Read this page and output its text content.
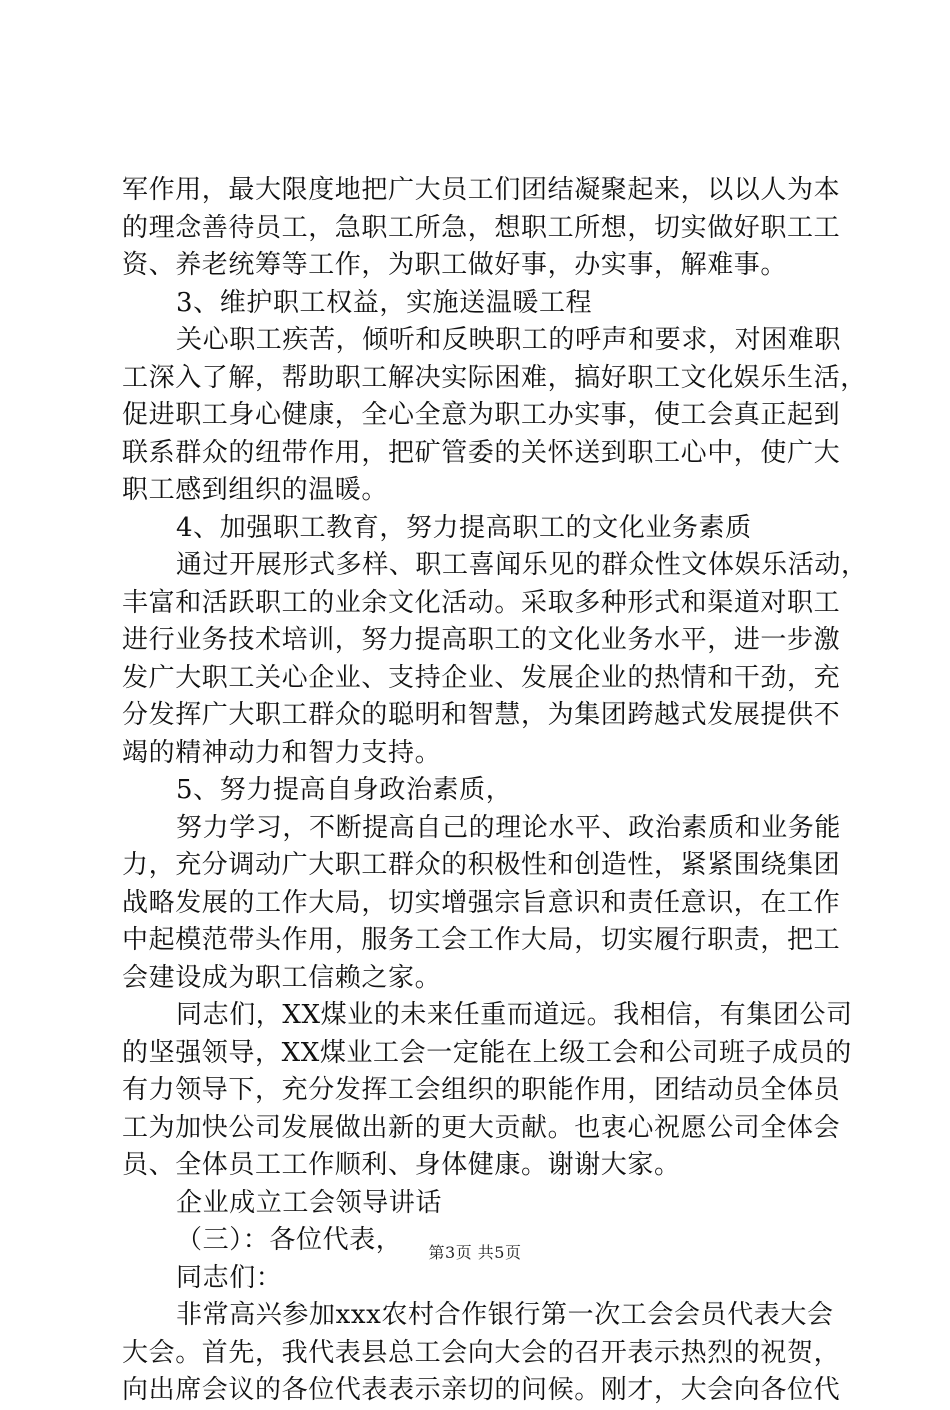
军作用，最大限度地把广大员工们团结凝聚起来，以以人为本
的理念善待员工，急职工所急，想职工所想，切实做好职工工
资、养老统筹等工作，为职工做好事，办实事，解难事。
3、维护职工权益，实施送温暖工程
关心职工疾苦，倾听和反映职工的呼声和要求，对困难职
工深入了解，帮助职工解决实际困难，搞好职工文化娱乐生活，
促进职工身心健康，全心全意为职工办实事，使工会真正起到
联系群众的纽带作用，把矿管委的关怀送到职工心中，使广大
职工感到组织的温暖。
4、加强职工教育，努力提高职工的文化业务素质
通过开展形式多样、职工喜闻乐见的群众性文体娱乐活动，
丰富和活跃职工的业余文化活动。采取多种形式和渠道对职工
进行业务技术培训，努力提高职工的文化业务水平，进一步激
发广大职工关心企业、支持企业、发展企业的热情和干劲，充
分发挥广大职工群众的聪明和智慧，为集团跨越式发展提供不
竭的精神动力和智力支持。
5、努力提高自身政治素质，
努力学习，不断提高自己的理论水平、政治素质和业务能
力，充分调动广大职工群众的积极性和创造性，紧紧围绕集团
战略发展的工作大局，切实增强宗旨意识和责任意识，在工作
中起模范带头作用，服务工会工作大局，切实履行职责，把工
会建设成为职工信赖之家。
同志们，XX煤业的未来任重而道远。我相信，有集团公司
的坚强领导，XX煤业工会一定能在上级工会和公司班子成员的
有力领导下，充分发挥工会组织的职能作用，团结动员全体员
工为加快公司发展做出新的更大贡献。也衷心祝愿公司全体会
员、全体员工工作顺利、身体健康。谢谢大家。
企业成立工会领导讲话
（三）：各位代表，
同志们：
非常高兴参加xxx农村合作银行第一次工会会员代表大会
大会。首先，我代表县总工会向大会的召开表示热烈的祝贺，
向出席会议的各位代表表示亲切的问候。刚才，大会向各位代
第3页 共5页
